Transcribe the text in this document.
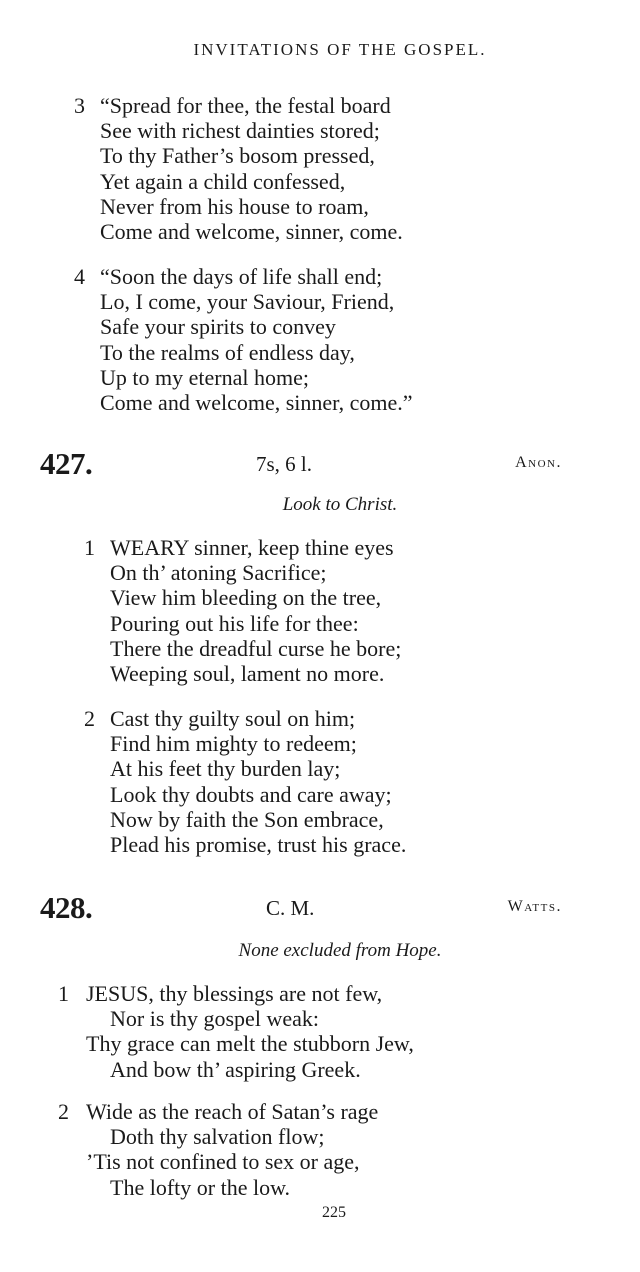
INVITATIONS OF THE GOSPEL.
3 “Spread for thee, the festal board
See with richest dainties stored;
To thy Father’s bosom pressed,
Yet again a child confessed,
Never from his house to roam,
Come and welcome, sinner, come.
4 “Soon the days of life shall end;
Lo, I come, your Saviour, Friend,
Safe your spirits to convey
To the realms of endless day,
Up to my eternal home;
Come and welcome, sinner, come.”
427.	7s, 6 l.	Anon.
Look to Christ.
1 WEARY sinner, keep thine eyes
On th’ atoning Sacrifice;
View him bleeding on the tree,
Pouring out his life for thee:
There the dreadful curse he bore;
Weeping soul, lament no more.
2 Cast thy guilty soul on him;
Find him mighty to redeem;
At his feet thy burden lay;
Look thy doubts and care away;
Now by faith the Son embrace,
Plead his promise, trust his grace.
428.	C. M.	Watts.
None excluded from Hope.
1 JESUS, thy blessings are not few,
Nor is thy gospel weak:
Thy grace can melt the stubborn Jew,
And bow th’ aspiring Greek.
2 Wide as the reach of Satan’s rage
Doth thy salvation flow;
’Tis not confined to sex or age,
The lofty or the low.
225
